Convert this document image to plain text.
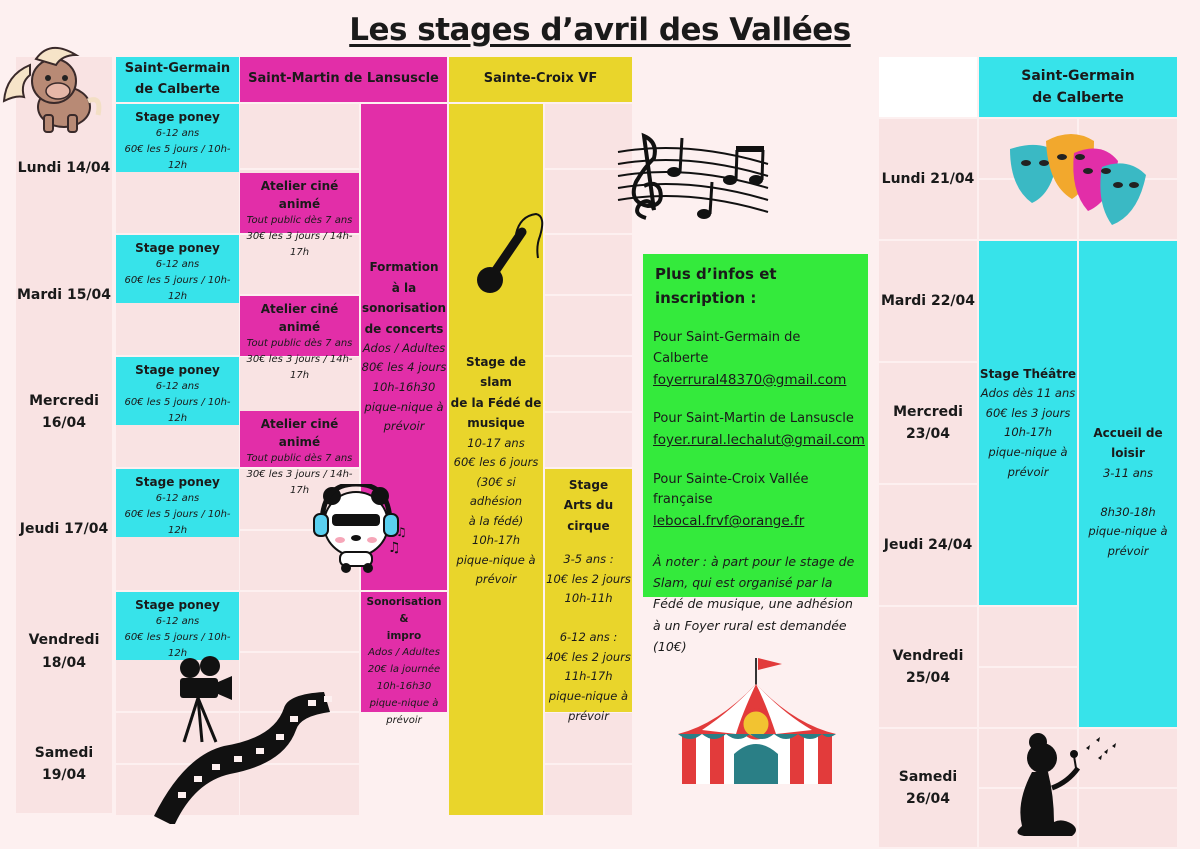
Les stages d’avril des Vallées
Lundi 14/04
Mardi 15/04
Mercredi
16/04
Jeudi 17/04
Vendredi
18/04
Samedi 19/04
Saint-Germain
de Calberte
Saint-Martin de Lansuscle	Sainte-Croix VF
Stage poney
6-12 ans
60€ les 5 jours / 10h-12h
Stage poney
6-12 ans
60€ les 5 jours / 10h-12h
Stage poney
6-12 ans
60€ les 5 jours / 10h-12h
Stage poney
6-12 ans
60€ les 5 jours / 10h-12h
Stage poney
6-12 ans
60€ les 5 jours / 10h-12h
Atelier ciné animé
Tout public dès 7 ans
30€ les 3 jours / 14h-17h
Atelier ciné animé
Tout public dès 7 ans
30€ les 3 jours / 14h-17h
Atelier ciné animé
Tout public dès 7 ans
30€ les 3 jours / 14h-17h
Formation
à la
sonorisation
de concerts
Ados / Adultes
80€ les 4 jours
10h-16h30
pique-nique à
prévoir
Sonorisation &
impro
Ados / Adultes
20€ la journée
10h-16h30
pique-nique à
prévoir
Stage de slam
de la Fédé de
musique
10-17 ans
60€ les 6 jours
(30€ si adhésion
à la fédé)
10h-17h
pique-nique à
prévoir
Stage
Arts du cirque
3-5 ans :
10€ les 2 jours
10h-11h
6-12 ans :
40€ les 2 jours
11h-17h
pique-nique à
prévoir
Plus d’infos et inscription :
Pour Saint-Germain de Calberte
foyerrural48370@gmail.com
Pour Saint-Martin de Lansuscle
foyer.rural.lechalut@gmail.com
Pour Sainte-Croix Vallée française
lebocal.frvf@orange.fr
À noter : à part pour le stage de Slam, qui est organisé par la Fédé de musique, une adhésion à un Foyer rural est demandée (10€)
Saint-Germain
de Calberte
Lundi 21/04
Mardi 22/04
Mercredi
23/04
Jeudi 24/04
Vendredi
25/04
Samedi 26/04
Stage Théâtre
Ados dès 11 ans
60€ les 3 jours
10h-17h
pique-nique à
prévoir
Accueil de loisir
3-11 ans
8h30-18h
pique-nique à
prévoir
♫
♫
